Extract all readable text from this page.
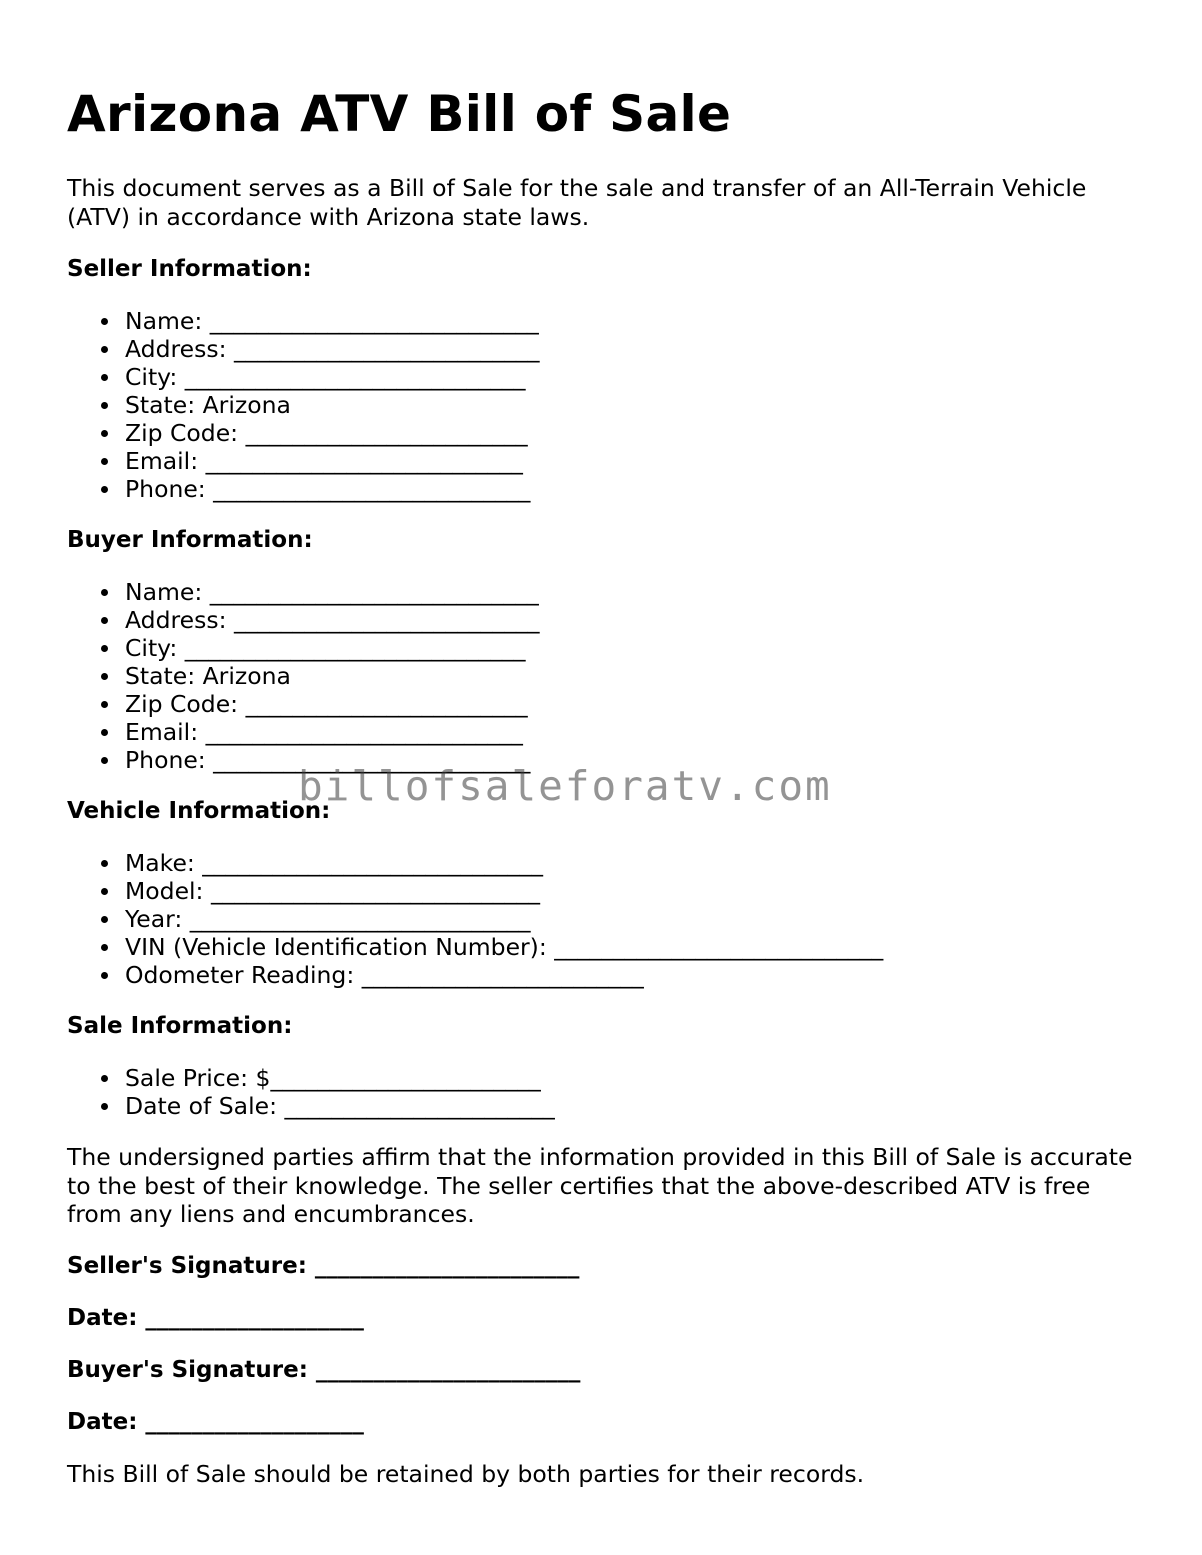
Arizona ATV Bill of Sale

This document serves as a Bill of Sale for the sale and transfer of an All-Terrain Vehicle (ATV) in accordance with Arizona state laws.

Seller Information:

Name: ____________________________
Address: __________________________
City: _____________________________
State: Arizona
Zip Code: ________________________
Email: ___________________________
Phone: ___________________________

Buyer Information:

Name: ____________________________
Address: __________________________
City: _____________________________
State: Arizona
Zip Code: ________________________
Email: ___________________________
Phone: ___________________________

Vehicle Information:

Make: _____________________________
Model: ____________________________
Year: _____________________________
VIN (Vehicle Identification Number): ____________________________
Odometer Reading: ________________________

Sale Information:

Sale Price: $_______________________
Date of Sale: _______________________

The undersigned parties affirm that the information provided in this Bill of Sale is accurate to the best of their knowledge. The seller certifies that the above-described ATV is free from any liens and encumbrances.

Seller's Signature: _______________________

Date: ___________________

Buyer's Signature: _______________________

Date: ___________________

This Bill of Sale should be retained by both parties for their records.

billofsaleforatv.com
